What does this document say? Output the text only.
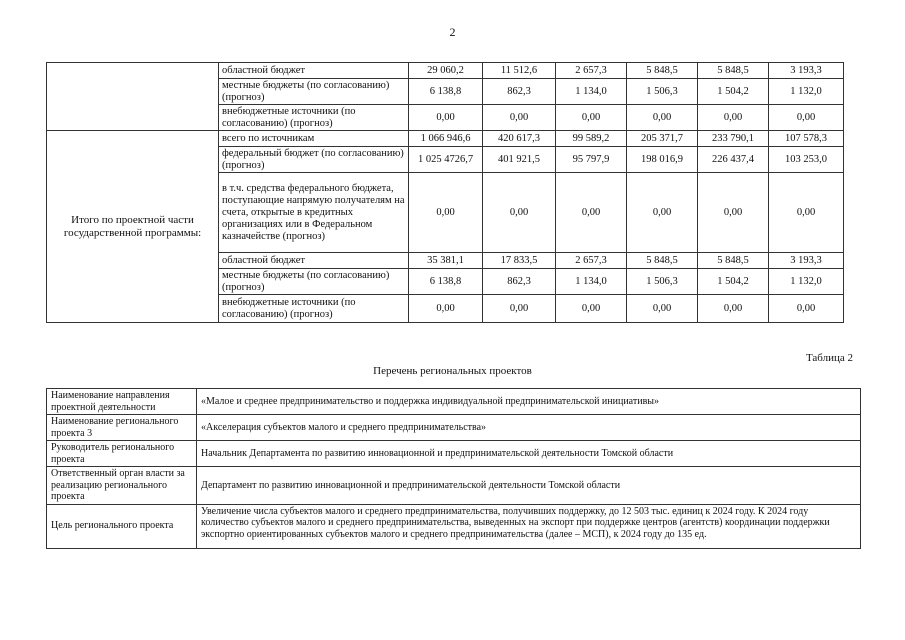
2
	областной бюджет	29 060,2	11 512,6	2 657,3	5 848,5	5 848,5	3 193,3
	местные бюджеты (по согласованию) (прогноз)	6 138,8	862,3	1 134,0	1 506,3	1 504,2	1 132,0
	внебюджетные источники (по согласованию) (прогноз)	0,00	0,00	0,00	0,00	0,00	0,00
Итого по проектной части государственной программы:	всего по источникам	1 066 946,6	420 617,3	99 589,2	205 371,7	233 790,1	107 578,3
	федеральный бюджет (по согласованию) (прогноз)	1 025 4726,7	401 921,5	95 797,9	198 016,9	226 437,4	103 253,0
	в т.ч. средства федерального бюджета, поступающие напрямую получателям на счета, открытые в кредитных организациях или в Федеральном казначействе (прогноз)	0,00	0,00	0,00	0,00	0,00	0,00
	областной бюджет	35 381,1	17 833,5	2 657,3	5 848,5	5 848,5	3 193,3
	местные бюджеты (по согласованию) (прогноз)	6 138,8	862,3	1 134,0	1 506,3	1 504,2	1 132,0
	внебюджетные источники (по согласованию) (прогноз)	0,00	0,00	0,00	0,00	0,00	0,00
Таблица 2
Перечень региональных проектов
Наименование направления проектной деятельности	«Малое и среднее предпринимательство и поддержка индивидуальной предпринимательской инициативы»
Наименование регионального проекта 3	«Акселерация субъектов малого и среднего предпринимательства»
Руководитель регионального проекта	Начальник Департамента по развитию инновационной и предпринимательской деятельности Томской области
Ответственный орган власти за реализацию регионального проекта	Департамент по развитию инновационной и предпринимательской деятельности Томской области
Цель регионального проекта	Увеличение числа субъектов малого и среднего предпринимательства, получивших поддержку, до 12 503 тыс. единиц к 2024 году. К 2024 году количество субъектов малого и среднего предпринимательства, выведенных на экспорт при поддержке центров (агентств) координации поддержки экспортно ориентированных субъектов малого и среднего предпринимательства (далее – МСП), к 2024 году до 135 ед.
